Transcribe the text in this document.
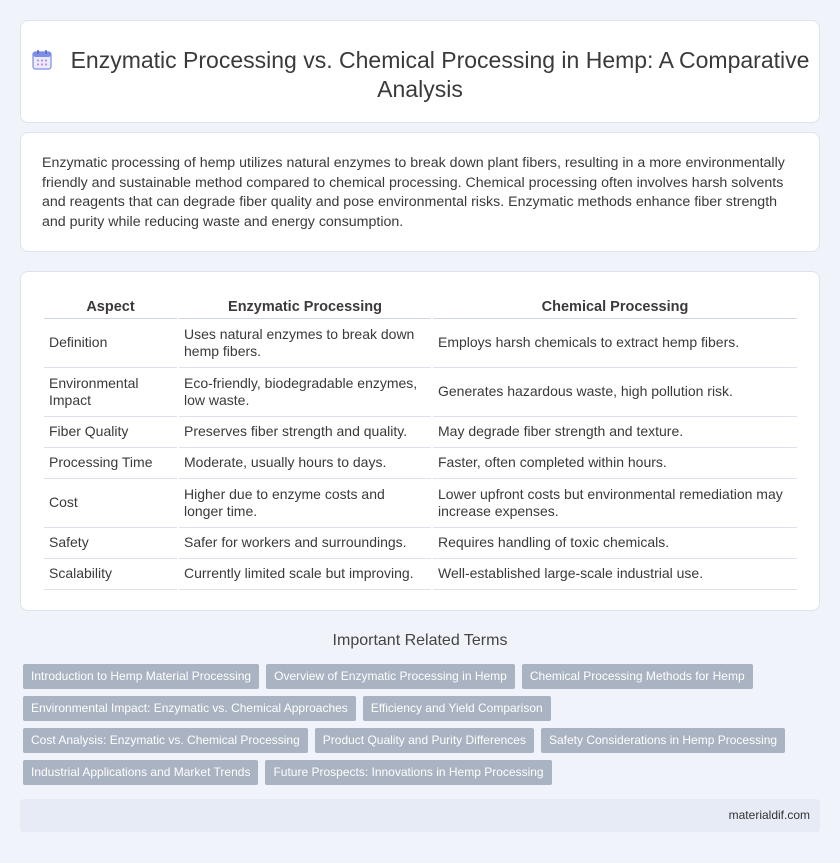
Enzymatic Processing vs. Chemical Processing in Hemp: A Comparative Analysis

Enzymatic processing of hemp utilizes natural enzymes to break down plant fibers, resulting in a more environmentally friendly and sustainable method compared to chemical processing. Chemical processing often involves harsh solvents and reagents that can degrade fiber quality and pose environmental risks. Enzymatic methods enhance fiber strength and purity while reducing waste and energy consumption.

Aspect	Enzymatic Processing	Chemical Processing
Definition	Uses natural enzymes to break down hemp fibers.	Employs harsh chemicals to extract hemp fibers.
Environmental Impact	Eco-friendly, biodegradable enzymes, low waste.	Generates hazardous waste, high pollution risk.
Fiber Quality	Preserves fiber strength and quality.	May degrade fiber strength and texture.
Processing Time	Moderate, usually hours to days.	Faster, often completed within hours.
Cost	Higher due to enzyme costs and longer time.	Lower upfront costs but environmental remediation may increase expenses.
Safety	Safer for workers and surroundings.	Requires handling of toxic chemicals.
Scalability	Currently limited scale but improving.	Well-established large-scale industrial use.
Important Related Terms
Introduction to Hemp Material Processing	Overview of Enzymatic Processing in Hemp	Chemical Processing Methods for Hemp
Environmental Impact: Enzymatic vs. Chemical Approaches	Efficiency and Yield Comparison
Cost Analysis: Enzymatic vs. Chemical Processing	Product Quality and Purity Differences	Safety Considerations in Hemp Processing
Industrial Applications and Market Trends	Future Prospects: Innovations in Hemp Processing
materialdif.com
